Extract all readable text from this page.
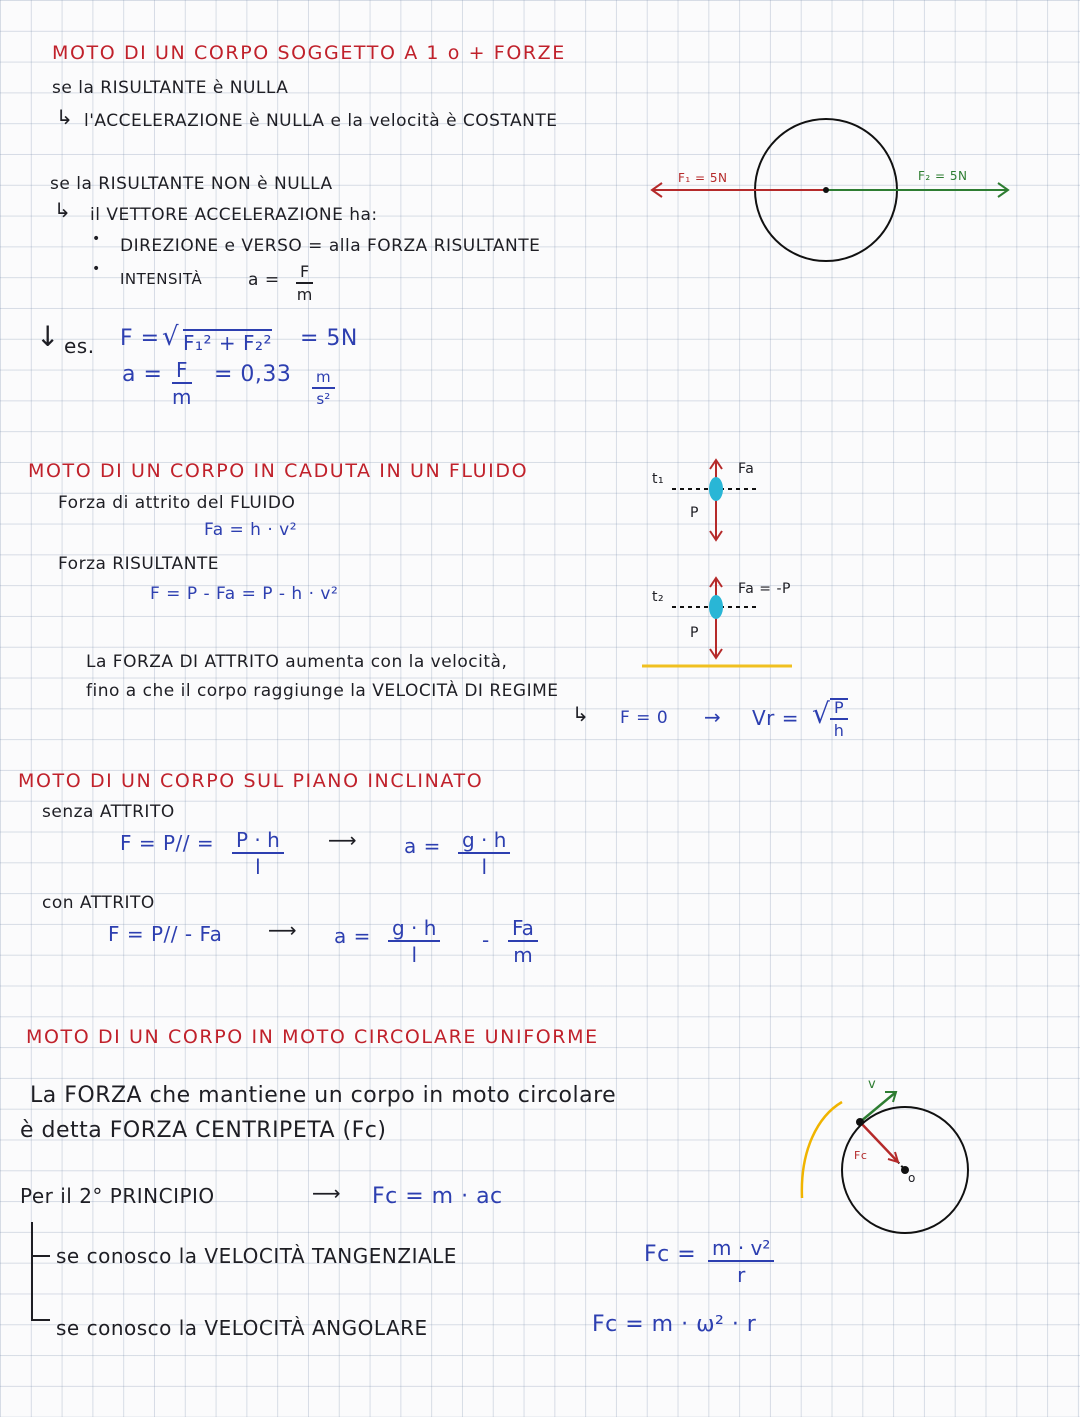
MOTO DI UN CORPO SOGGETTO A 1 o + FORZE
se la RISULTANTE è NULLA
↳ l'ACCELERAZIONE è NULLA e la velocità è COSTANTE
se la RISULTANTE NON è NULLA
↳ il VETTORE ACCELERAZIONE ha:
• DIREZIONE e VERSO = alla FORZA RISULTANTE
•
INTENSITÀ	$a = \frac{F}{m}$
↓ es. F = √ F₁² + F₂² = 5N
$a = \frac{F}{m} = 0,33 \frac{m}{\text{s²}}$
F₁ = 5N	F₂ = 5N
MOTO DI UN CORPO IN CADUTA IN UN FLUIDO
Forza di attrito del FLUIDO
Fa = h · v²
Forza RISULTANTE
F = P - Fa = P - h · v²
La FORZA DI ATTRITO aumenta con la velocità,
fino a che il corpo raggiunge la VELOCITÀ DI REGIME
↳ F = 0 → Vr = √ $\frac{P}{h}$
t₁
Fa
P
t₂	Fa = -P
P
MOTO DI UN CORPO SUL PIANO INCLINATO
senza ATTRITO
$F = P// = \frac{P \cdot h}{l}$ ⟶ $a = \frac{g \cdot h}{l}$
con ATTRITO
F = P// - Fa ⟶ $a = \frac{g \cdot h}{l} - \frac{Fa}{m}$
MOTO DI UN CORPO IN MOTO CIRCOLARE UNIFORME
La FORZA che mantiene un corpo in moto circolare
è detta FORZA CENTRIPETA (Fc)
Per il 2° PRINCIPIO	⟶ Fc = m · ac
se conosco la VELOCITÀ TANGENZIALE	$Fc = \frac{\text{m · v²}}{r}$
se conosco la VELOCITÀ ANGOLARE	Fc = m · ω² · r
v
Fc
o
